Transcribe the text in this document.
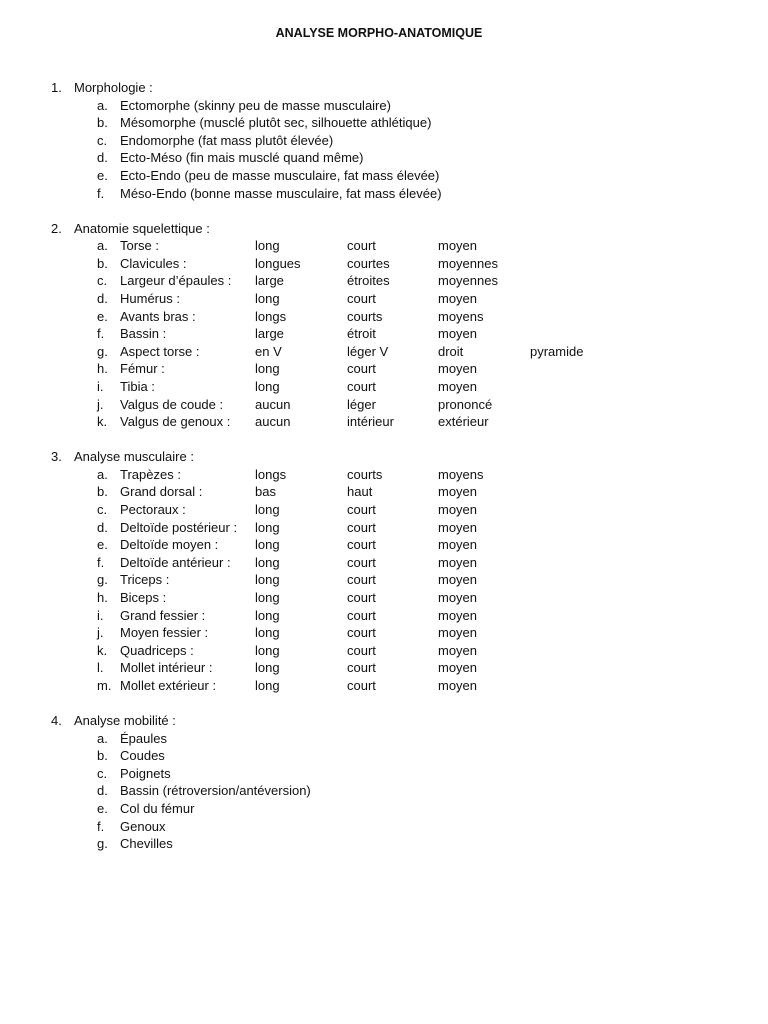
ANALYSE MORPHO-ANATOMIQUE
1. Morphologie :
a. Ectomorphe (skinny peu de masse musculaire)
b. Mésomorphe (musclé plutôt sec, silhouette athlétique)
c. Endomorphe (fat mass plutôt élevée)
d. Ecto-Méso (fin mais musclé quand même)
e. Ecto-Endo (peu de masse musculaire, fat mass élevée)
f. Méso-Endo (bonne masse musculaire, fat mass élevée)
2. Anatomie squelettique :
a. Torse :	long	court	moyen
b. Clavicules :	longues	courtes	moyennes
c. Largeur d’épaules : large	étroites	moyennes
d. Humérus :	long	court	moyen
e. Avants bras :	longs	courts	moyens
f. Bassin :	large	étroit	moyen
g. Aspect torse :	en V	léger V	droit	pyramide
h. Fémur :	long	court	moyen
i. Tibia :	long	court	moyen
j. Valgus de coude : aucun	léger	prononcé
k. Valgus de genoux : aucun	intérieur	extérieur
3. Analyse musculaire :
a. Trapèzes :	longs	courts	moyens
b. Grand dorsal :	bas	haut	moyen
c. Pectoraux :	long	court	moyen
d. Deltoïde postérieur : long	court	moyen
e. Deltoïde moyen :	long	court	moyen
f. Deltoïde antérieur : long	court	moyen
g. Triceps :	long	court	moyen
h. Biceps :	long	court	moyen
i. Grand fessier :	long	court	moyen
j. Moyen fessier :	long	court	moyen
k. Quadriceps :	long	court	moyen
l. Mollet intérieur :	long	court	moyen
m. Mollet extérieur :	long	court	moyen
4. Analyse mobilité :
a. Épaules
b. Coudes
c. Poignets
d. Bassin (rétroversion/antéversion)
e. Col du fémur
f. Genoux
g. Chevilles
